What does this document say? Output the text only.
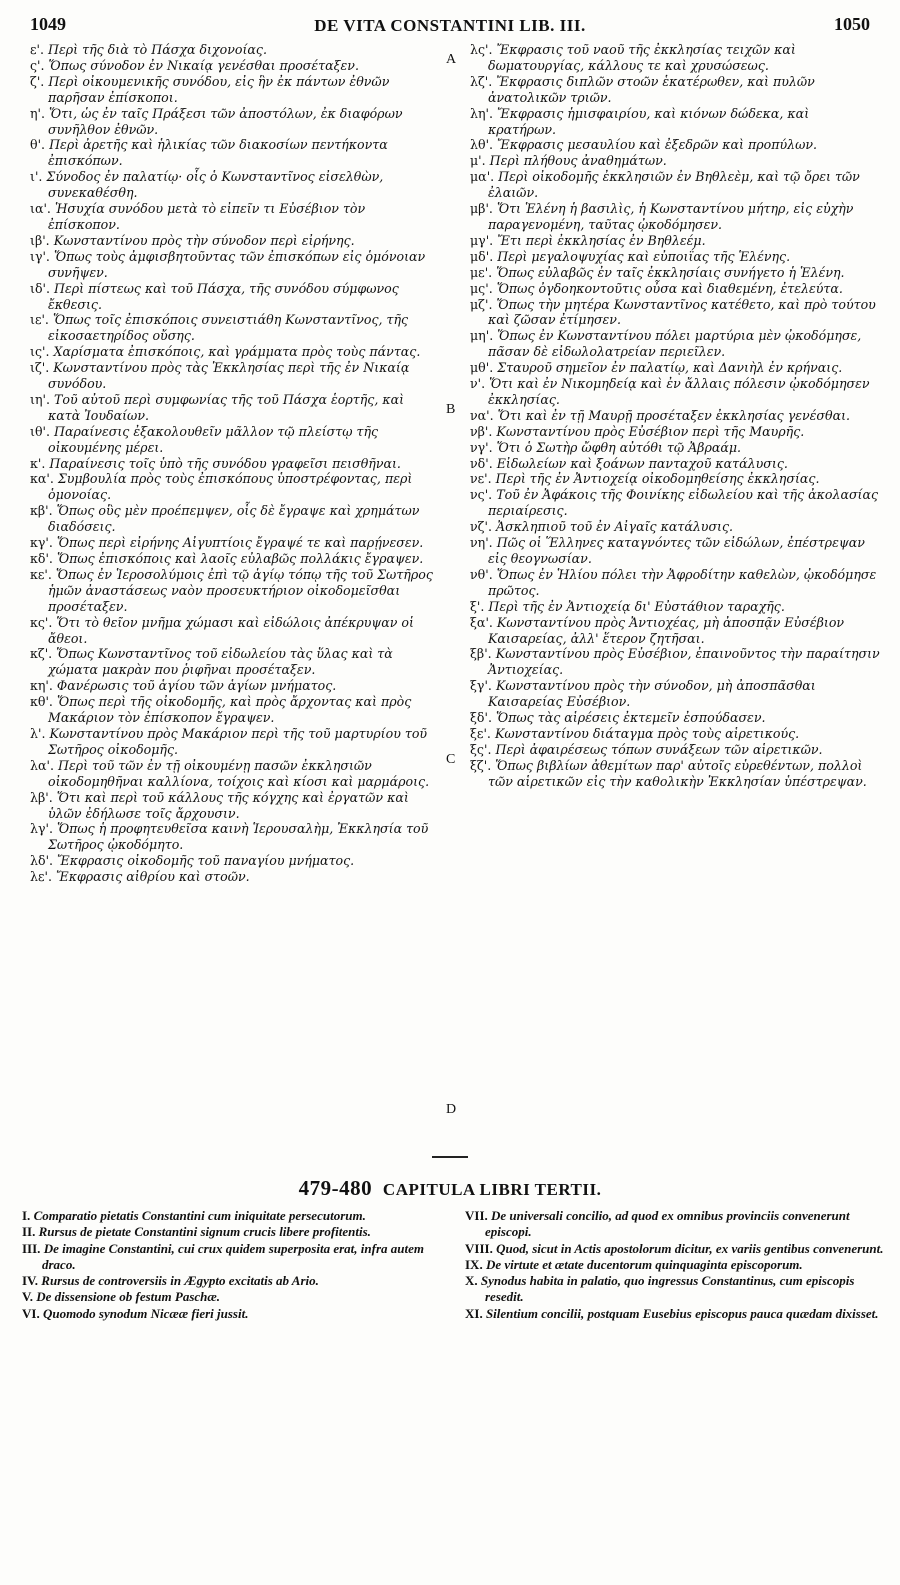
1049	DE VITA CONSTANTINI LIB. III.	1050
ε'. Περὶ τῆς διὰ τὸ Πάσχα διχονοίας.
ς'. Ὅπως σύνοδον ἐν Νικαίᾳ γενέσθαι προσέταξεν.
ζ'. Περὶ οἰκουμενικῆς συνόδου, εἰς ἣν ἐκ πάντων ἐθνῶν παρῆσαν ἐπίσκοποι.
η'. Ὅτι, ὡς ἐν ταῖς Πράξεσι τῶν ἀποστόλων, ἐκ διαφόρων συνῆλθον ἐθνῶν.
θ'. Περὶ ἀρετῆς καὶ ἡλικίας τῶν διακοσίων πεντήκοντα ἐπισκόπων.
ι'. Σύνοδος ἐν παλατίῳ· οἷς ὁ Κωνσταντῖνος εἰσελθὼν, συνεκαθέσθη.
ια'. Ἡσυχία συνόδου μετὰ τὸ εἰπεῖν τι Εὐσέβιον τὸν ἐπίσκοπον.
ιβ'. Κωνσταντίνου πρὸς τὴν σύνοδον περὶ εἰρήνης.
ιγ'. Ὅπως τοὺς ἀμφισβητοῦντας τῶν ἐπισκόπων εἰς ὁμόνοιαν συνῆψεν.
ιδ'. Περὶ πίστεως καὶ τοῦ Πάσχα, τῆς συνόδου σύμφωνος ἔκθεσις.
ιε'. Ὅπως τοῖς ἐπισκόποις συνειστιάθη Κωνσταντῖνος, τῆς εἰκοσαετηρίδος οὔσης.
ις'. Χαρίσματα ἐπισκόποις, καὶ γράμματα πρὸς τοὺς πάντας.
ιζ'. Κωνσταντίνου πρὸς τὰς Ἐκκλησίας περὶ τῆς ἐν Νικαίᾳ συνόδου.
ιη'. Τοῦ αὐτοῦ περὶ συμφωνίας τῆς τοῦ Πάσχα ἑορτῆς, καὶ κατὰ Ἰουδαίων.
ιθ'. Παραίνεσις ἐξακολουθεῖν μᾶλλον τῷ πλείστῳ τῆς οἰκουμένης μέρει.
κ'. Παραίνεσις τοῖς ὑπὸ τῆς συνόδου γραφεῖσι πεισθῆναι.
κα'. Συμβουλία πρὸς τοὺς ἐπισκόπους ὑποστρέφοντας, περὶ ὁμονοίας.
κβ'. Ὅπως οὓς μὲν προέπεμψεν, οἷς δὲ ἔγραψε καὶ χρημάτων διαδόσεις.
κγ'. Ὅπως περὶ εἰρήνης Αἰγυπτίοις ἔγραψέ τε καὶ παρῄνεσεν.
κδ'. Ὅπως ἐπισκόποις καὶ λαοῖς εὐλαβῶς πολλάκις ἔγραψεν.
κε'. Ὅπως ἐν Ἱεροσολύμοις ἐπὶ τῷ ἁγίῳ τόπῳ τῆς τοῦ Σωτῆρος ἡμῶν ἀναστάσεως ναὸν προσευκτήριον οἰκοδομεῖσθαι προσέταξεν.
κς'. Ὅτι τὸ θεῖον μνῆμα χώμασι καὶ εἰδώλοις ἀπέκρυψαν οἱ ἄθεοι.
κζ'. Ὅπως Κωνσταντῖνος τοῦ εἰδωλείου τὰς ὕλας καὶ τὰ χώματα μακρὰν που ῥιφῆναι προσέταξεν.
κη'. Φανέρωσις τοῦ ἁγίου τῶν ἁγίων μνήματος.
κθ'. Ὅπως περὶ τῆς οἰκοδομῆς, καὶ πρὸς ἄρχοντας καὶ πρὸς Μακάριον τὸν ἐπίσκοπον ἔγραψεν.
λ'. Κωνσταντίνου πρὸς Μακάριον περὶ τῆς τοῦ μαρτυρίου τοῦ Σωτῆρος οἰκοδομῆς.
λα'. Περὶ τοῦ τῶν ἐν τῇ οἰκουμένῃ πασῶν ἐκκλησιῶν οἰκοδομηθῆναι καλλίονα, τοίχοις καὶ κίοσι καὶ μαρμάροις.
λβ'. Ὅτι καὶ περὶ τοῦ κάλλους τῆς κόγχης καὶ ἐργατῶν καὶ ὑλῶν ἐδήλωσε τοῖς ἄρχουσιν.
λγ'. Ὅπως ἡ προφητευθεῖσα καινὴ Ἱερουσαλὴμ, Ἐκκλησία τοῦ Σωτῆρος ᾠκοδόμητο.
λδ'. Ἔκφρασις οἰκοδομῆς τοῦ παναγίου μνήματος.
λε'. Ἔκφρασις αἰθρίου καὶ στοῶν.
λς'. Ἔκφρασις τοῦ ναοῦ τῆς ἐκκλησίας τειχῶν καὶ δωματουργίας, κάλλους τε καὶ χρυσώσεως.
λζ'. Ἔκφρασις διπλῶν στοῶν ἑκατέρωθεν, καὶ πυλῶν ἀνατολικῶν τριῶν.
λη'. Ἔκφρασις ἡμισφαιρίου, καὶ κιόνων δώδεκα, καὶ κρατήρων.
λθ'. Ἔκφρασις μεσαυλίου καὶ ἐξεδρῶν καὶ προπύλων.
μ'. Περὶ πλήθους ἀναθημάτων.
μα'. Περὶ οἰκοδομῆς ἐκκλησιῶν ἐν Βηθλεὲμ, καὶ τῷ ὄρει τῶν ἐλαιῶν.
μβ'. Ὅτι Ἑλένη ἡ βασιλὶς, ἡ Κωνσταντίνου μήτηρ, εἰς εὐχὴν παραγενομένη, ταῦτας ᾠκοδόμησεν.
μγ'. Ἔτι περὶ ἐκκλησίας ἐν Βηθλεέμ.
μδ'. Περὶ μεγαλοψυχίας καὶ εὐποιΐας τῆς Ἑλένης.
με'. Ὅπως εὐλαβῶς ἐν ταῖς ἐκκλησίαις συνήγετο ἡ Ἑλένη.
μς'. Ὅπως ὀγδοηκοντοῦτις οὖσα καὶ διαθεμένη, ἐτελεύτα.
μζ'. Ὅπως τὴν μητέρα Κωνσταντῖνος κατέθετο, καὶ πρὸ τούτου καὶ ζῶσαν ἐτίμησεν.
μη'. Ὅπως ἐν Κωνσταντίνου πόλει μαρτύρια μὲν ᾠκοδόμησε, πᾶσαν δὲ εἰδωλολατρείαν περιεῖλεν.
μθ'. Σταυροῦ σημεῖον ἐν παλατίῳ, καὶ Δανιὴλ ἐν κρήναις.
ν'. Ὅτι καὶ ἐν Νικομηδείᾳ καὶ ἐν ἄλλαις πόλεσιν ᾠκοδόμησεν ἐκκλησίας.
να'. Ὅτι καὶ ἐν τῇ Μαυρῇ προσέταξεν ἐκκλησίας γενέσθαι.
νβ'. Κωνσταντίνου πρὸς Εὐσέβιον περὶ τῆς Μαυρῆς.
νγ'. Ὅτι ὁ Σωτὴρ ὤφθη αὐτόθι τῷ Ἀβραάμ.
νδ'. Εἰδωλείων καὶ ξοάνων πανταχοῦ κατάλυσις.
νε'. Περὶ τῆς ἐν Ἀντιοχείᾳ οἰκοδομηθείσης ἐκκλησίας.
νς'. Τοῦ ἐν Ἀφάκοις τῆς Φοινίκης εἰδωλείου καὶ τῆς ἀκολασίας περιαίρεσις.
νζ'. Ἀσκληπιοῦ τοῦ ἐν Αἰγαῖς κατάλυσις.
νη'. Πῶς οἱ Ἕλληνες καταγνόντες τῶν εἰδώλων, ἐπέστρεψαν εἰς θεογνωσίαν.
νθ'. Ὅπως ἐν Ἡλίου πόλει τὴν Ἀφροδίτην καθελὼν, ᾠκοδόμησε πρῶτος.
ξ'. Περὶ τῆς ἐν Ἀντιοχείᾳ δι' Εὐστάθιον ταραχῆς.
ξα'. Κωνσταντίνου πρὸς Ἀντιοχέας, μὴ ἀποσπᾷν Εὐσέβιον Καισαρείας, ἀλλ' ἕτερον ζητῆσαι.
ξβ'. Κωνσταντίνου πρὸς Εὐσέβιον, ἐπαινοῦντος τὴν παραίτησιν Ἀντιοχείας.
ξγ'. Κωνσταντίνου πρὸς τὴν σύνοδον, μὴ ἀποσπᾶσθαι Καισαρείας Εὐσέβιον.
ξδ'. Ὅπως τὰς αἱρέσεις ἐκτεμεῖν ἐσπούδασεν.
ξε'. Κωνσταντίνου διάταγμα πρὸς τοὺς αἱρετικούς.
ξς'. Περὶ ἀφαιρέσεως τόπων συνάξεων τῶν αἱρετικῶν.
ξζ'. Ὅπως βιβλίων ἀθεμίτων παρ' αὐτοῖς εὑρεθέντων, πολλοὶ τῶν αἱρετικῶν εἰς τὴν καθολικὴν Ἐκκλησίαν ὑπέστρεψαν.
A
B
C
D
479-480 CAPITULA LIBRI TERTII.
I. Comparatio pietatis Constantini cum iniquitate persecutorum.
II. Rursus de pietate Constantini signum crucis libere profitentis.
III. De imagine Constantini, cui crux quidem superposita erat, infra autem draco.
IV. Rursus de controversiis in Ægypto excitatis ab Ario.
V. De dissensione ob festum Paschæ.
VI. Quomodo synodum Nicææ fieri jussit.
VII. De universali concilio, ad quod ex omnibus provinciis convenerunt episcopi.
VIII. Quod, sicut in Actis apostolorum dicitur, ex variis gentibus convenerunt.
IX. De virtute et ætate ducentorum quinquaginta episcoporum.
X. Synodus habita in palatio, quo ingressus Constantinus, cum episcopis resedit.
XI. Silentium concilii, postquam Eusebius episcopus pauca quædam dixisset.
